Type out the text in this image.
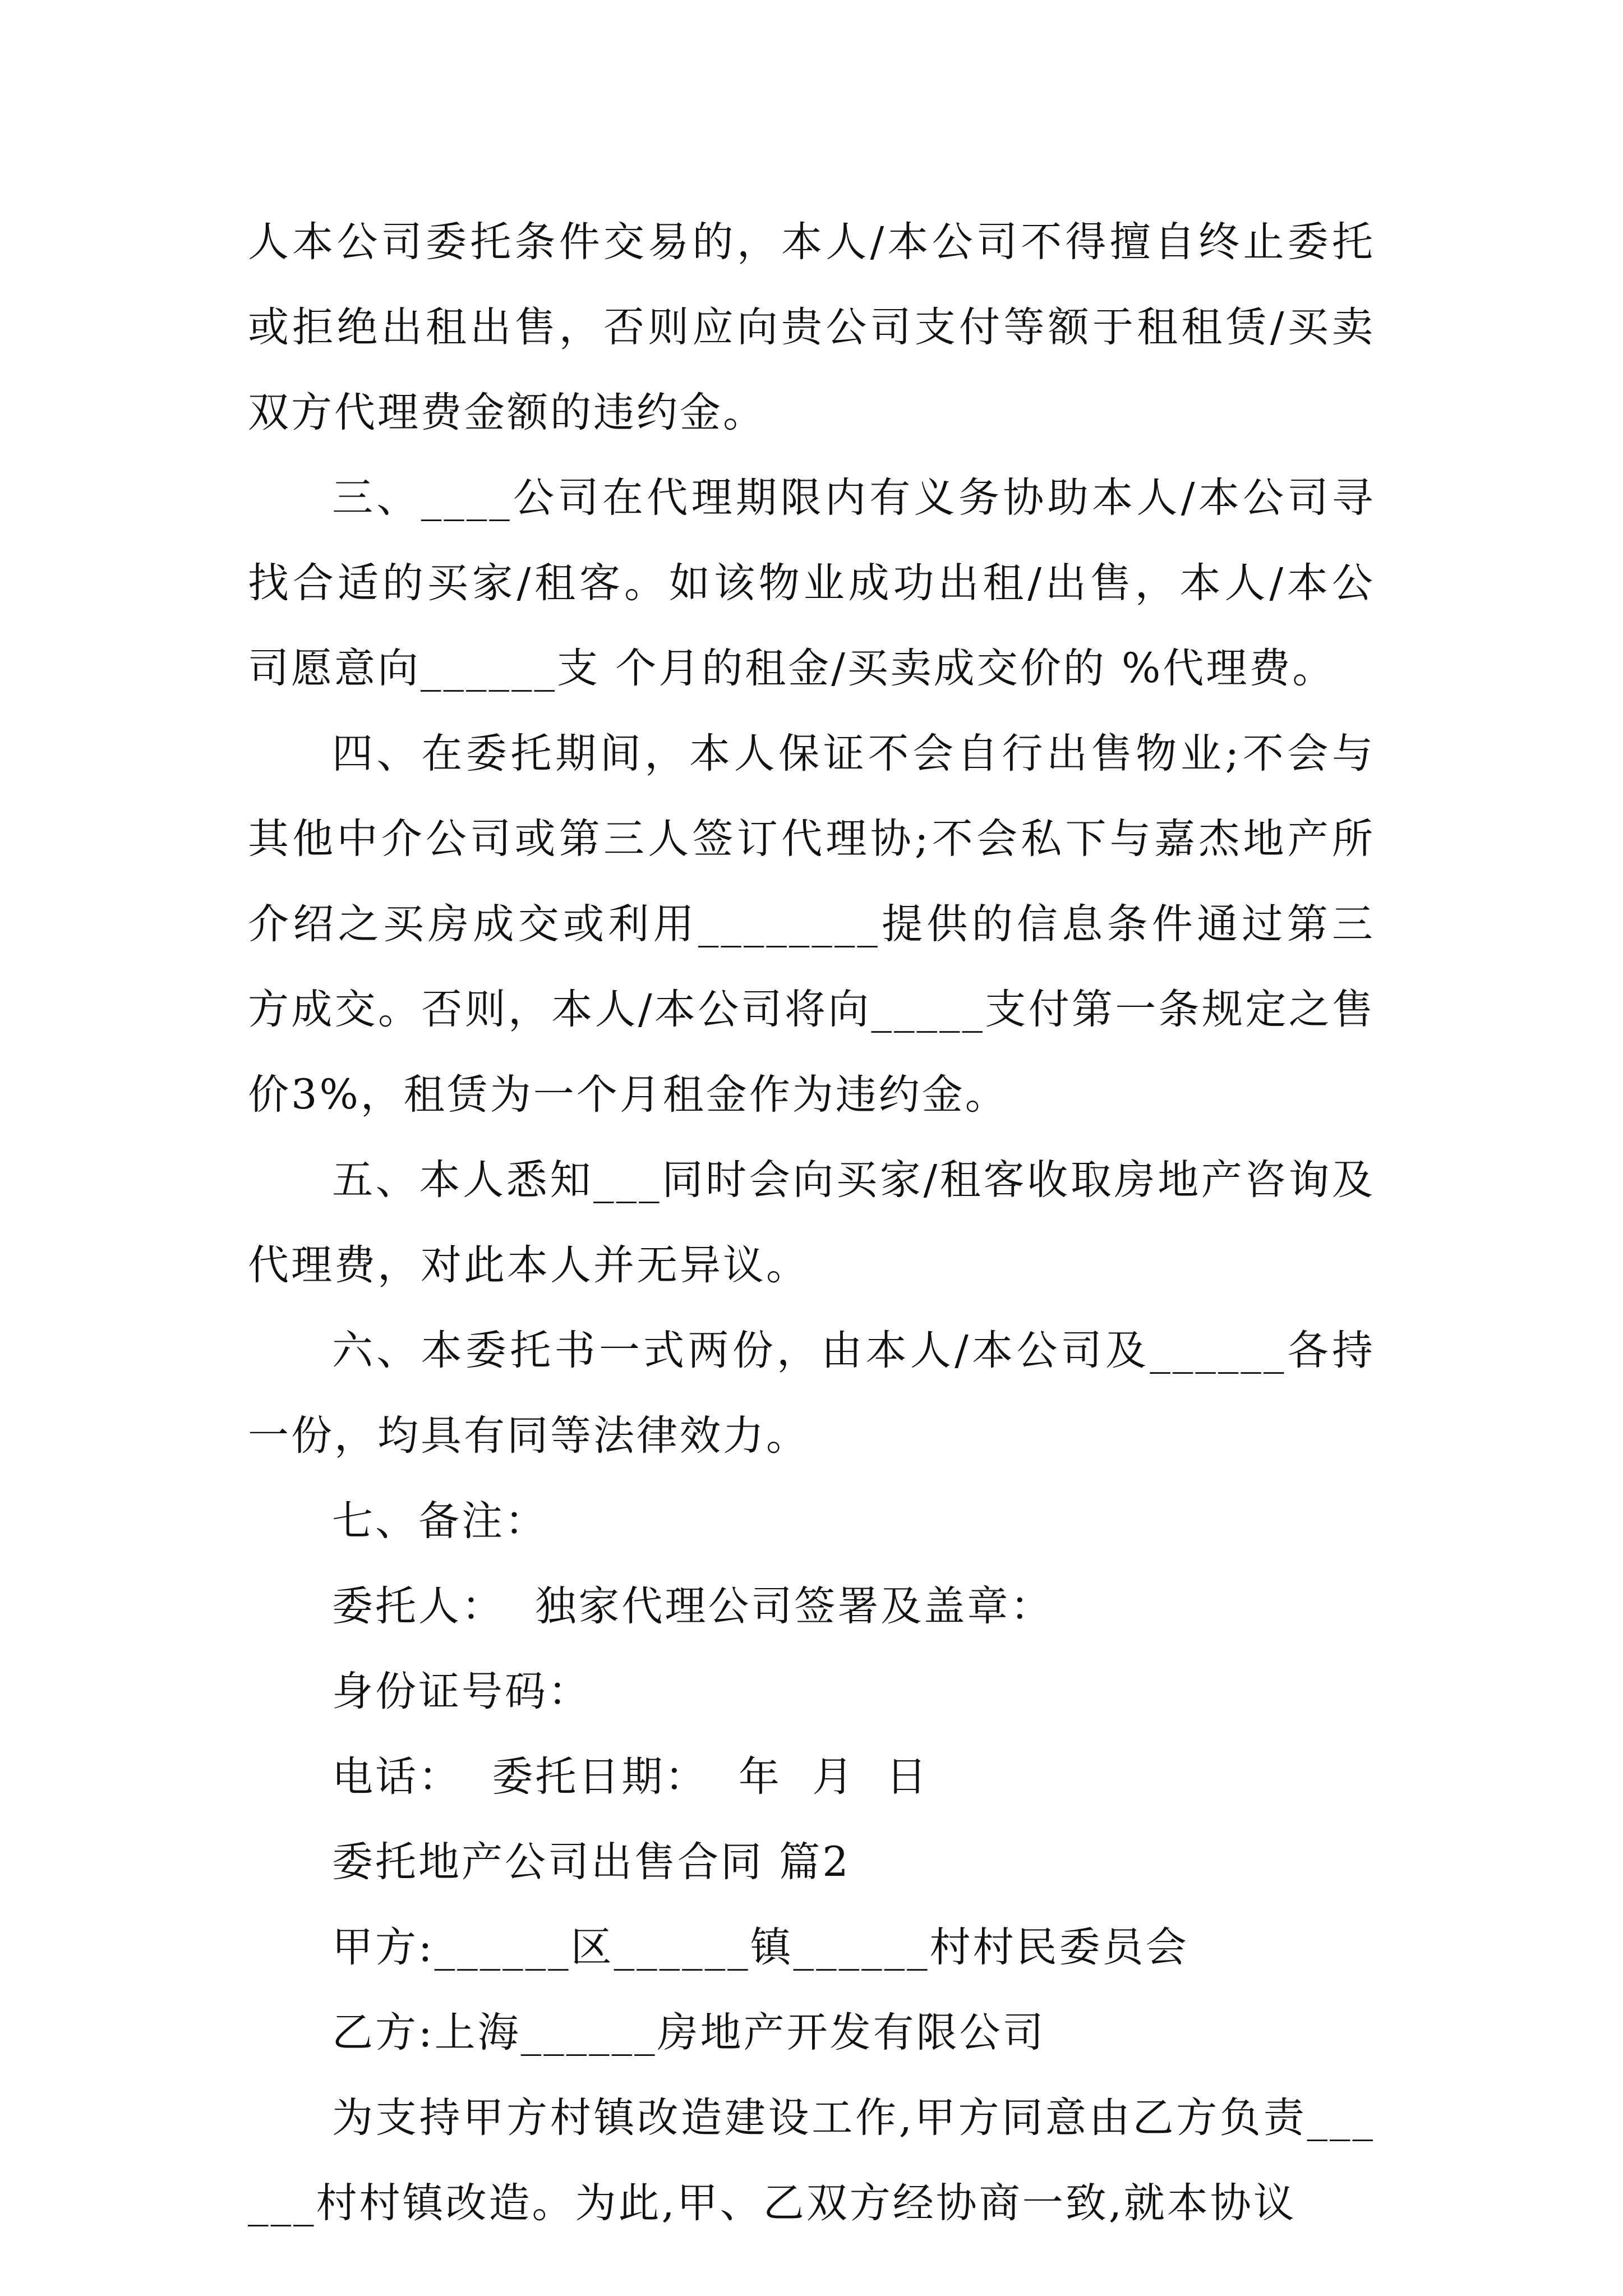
人本公司委托条件交易的，本人/本公司不得擅自终止委托或拒绝出租出售，否则应向贵公司支付等额于租租赁/买卖双方代理费金额的违约金。

三、____公司在代理期限内有义务协助本人/本公司寻找合适的买家/租客。如该物业成功出租/出售，本人/本公司愿意向______支 个月的租金/买卖成交价的 %代理费。

四、在委托期间，本人保证不会自行出售物业;不会与其他中介公司或第三人签订代理协;不会私下与嘉杰地产所介绍之买房成交或利用________提供的信息条件通过第三方成交。否则，本人/本公司将向_____支付第一条规定之售价3%，租赁为一个月租金作为违约金。

五、本人悉知___同时会向买家/租客收取房地产咨询及代理费，对此本人并无异议。

六、本委托书一式两份，由本人/本公司及______各持一份，均具有同等法律效力。

七、备注：

委托人：  独家代理公司签署及盖章：

身份证号码：

电话：  委托日期：  年  月  日

委托地产公司出售合同 篇2

甲方:______区______镇______村村民委员会

乙方:上海______房地产开发有限公司

为支持甲方村镇改造建设工作,甲方同意由乙方负责______村村镇改造。为此,甲、乙双方经协商一致,就本协议
